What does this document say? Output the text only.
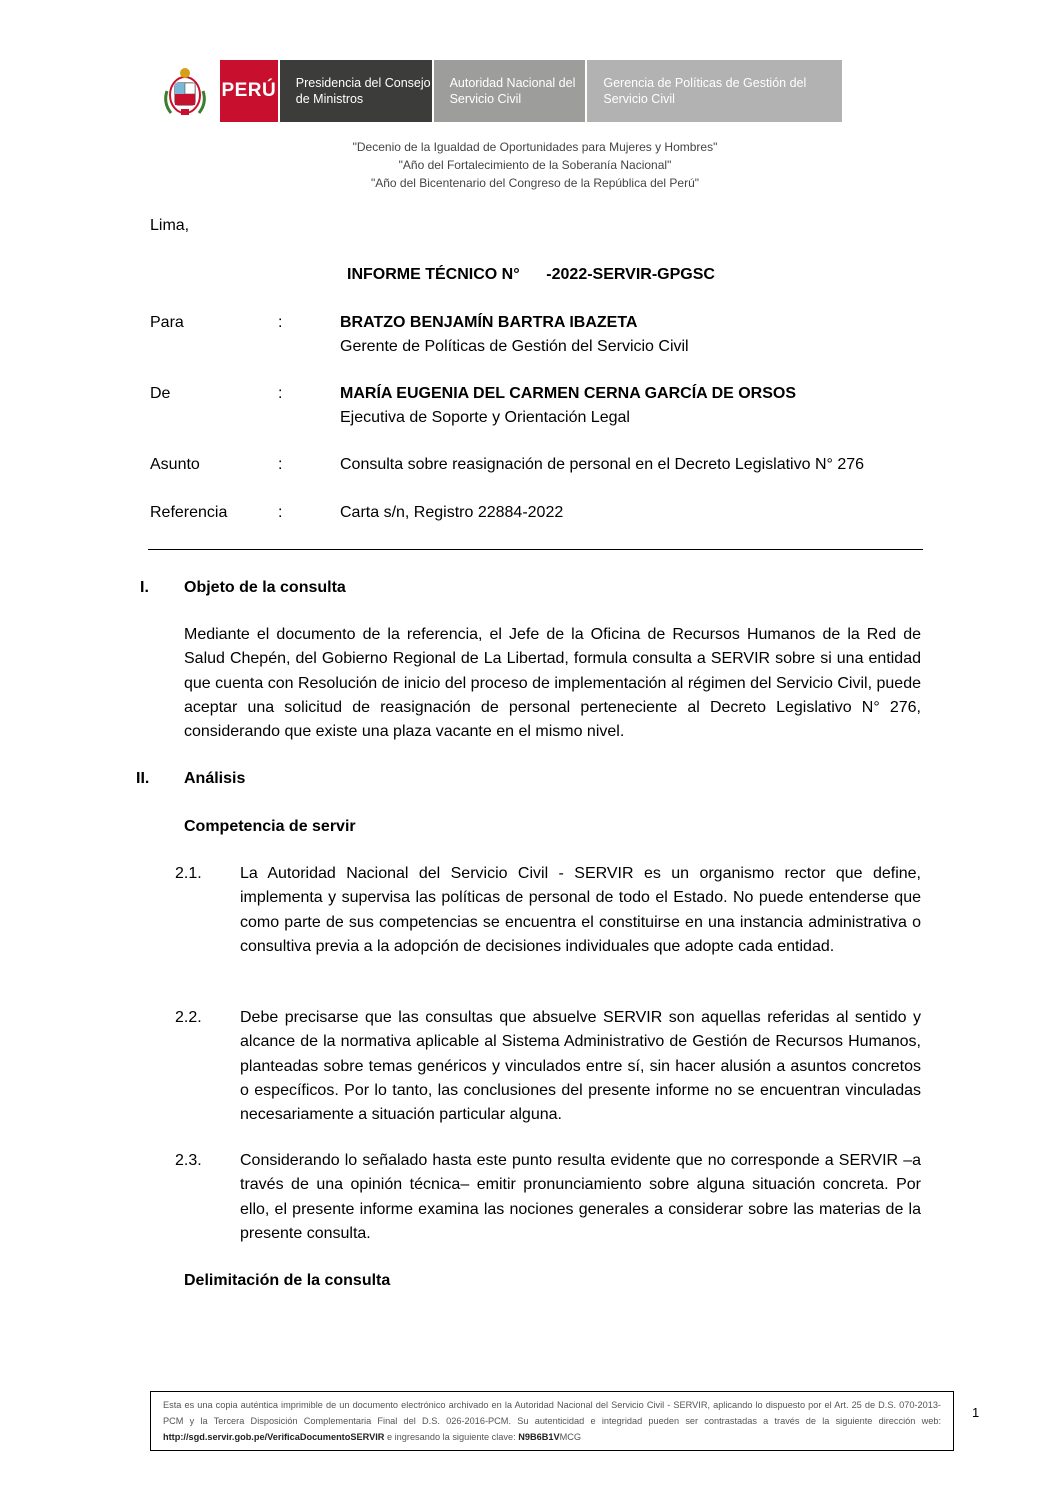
PERÚ Presidencia del Consejo de Ministros
Autoridad Nacional del Servicio Civil
Gerencia de Políticas de Gestión del Servicio Civil
"Decenio de la Igualdad de Oportunidades para Mujeres y Hombres"
"Año del Fortalecimiento de la Soberanía Nacional"
"Año del Bicentenario del Congreso de la República del Perú"
Lima,
INFORME TÉCNICO N°      -2022-SERVIR-GPGSC
Para	:	BRATZO BENJAMÍN BARTRA IBAZETA
Gerente de Políticas de Gestión del Servicio Civil
De	:	MARÍA EUGENIA DEL CARMEN CERNA GARCÍA DE ORSOS
Ejecutiva de Soporte y Orientación Legal
Asunto	:	Consulta sobre reasignación de personal en el Decreto Legislativo N° 276
Referencia	:	Carta s/n, Registro 22884-2022
I. Objeto de la consulta
Mediante el documento de la referencia, el Jefe de la Oficina de Recursos Humanos de la Red de Salud Chepén, del Gobierno Regional de La Libertad, formula consulta a SERVIR sobre si una entidad que cuenta con Resolución de inicio del proceso de implementación al régimen del Servicio Civil, puede aceptar una solicitud de reasignación de personal perteneciente al Decreto Legislativo N° 276, considerando que existe una plaza vacante en el mismo nivel.
II. Análisis
Competencia de servir
2.1. La Autoridad Nacional del Servicio Civil - SERVIR es un organismo rector que define, implementa y supervisa las políticas de personal de todo el Estado. No puede entenderse que como parte de sus competencias se encuentra el constituirse en una instancia administrativa o consultiva previa a la adopción de decisiones individuales que adopte cada entidad.
2.2. Debe precisarse que las consultas que absuelve SERVIR son aquellas referidas al sentido y alcance de la normativa aplicable al Sistema Administrativo de Gestión de Recursos Humanos, planteadas sobre temas genéricos y vinculados entre sí, sin hacer alusión a asuntos concretos o específicos. Por lo tanto, las conclusiones del presente informe no se encuentran vinculadas necesariamente a situación particular alguna.
2.3. Considerando lo señalado hasta este punto resulta evidente que no corresponde a SERVIR –a través de una opinión técnica– emitir pronunciamiento sobre alguna situación concreta. Por ello, el presente informe examina las nociones generales a considerar sobre las materias de la presente consulta.
Delimitación de la consulta
Esta es una copia auténtica imprimible de un documento electrónico archivado en la Autoridad Nacional del Servicio Civil - SERVIR, aplicando lo dispuesto por el Art. 25 de D.S. 070-2013-PCM y la Tercera Disposición Complementaria Final del D.S. 026-2016-PCM. Su autenticidad e integridad pueden ser contrastadas a través de la siguiente dirección web: http://sgd.servir.gob.pe/VerificaDocumentoSERVIR e ingresando la siguiente clave: N9B6B1VMCG
1
